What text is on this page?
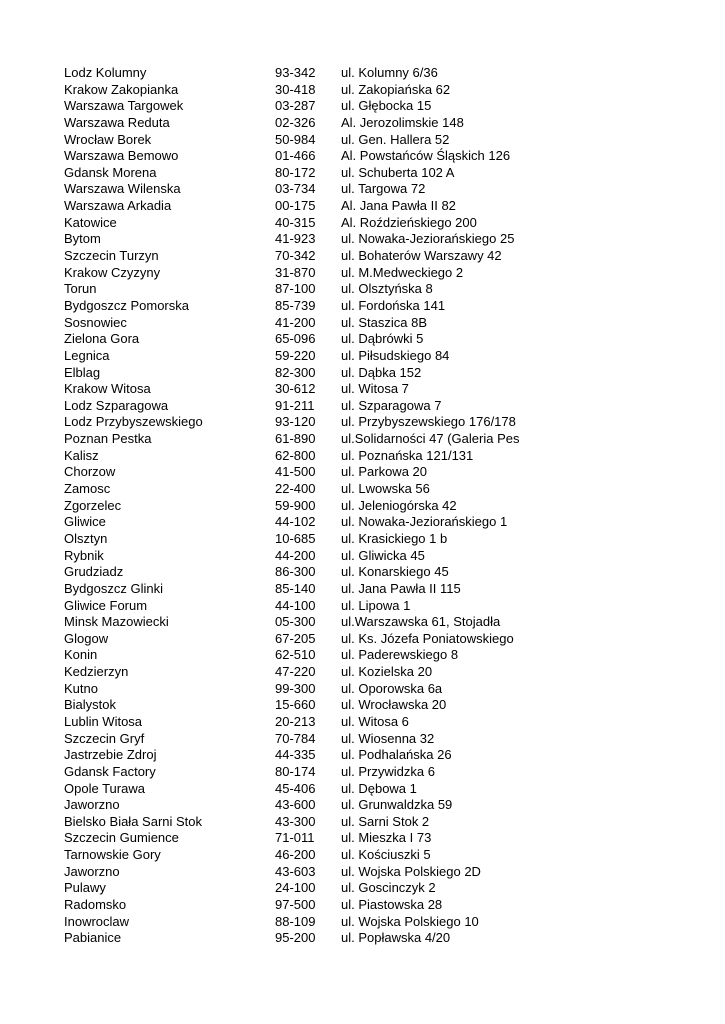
Lodz Kolumny	93-342	ul. Kolumny 6/36
Krakow Zakopianka	30-418	ul. Zakopiańska 62
Warszawa Targowek	03-287	ul. Głębocka 15
Warszawa Reduta	02-326	Al. Jerozolimskie 148
Wrocław Borek	50-984	ul. Gen. Hallera 52
Warszawa Bemowo	01-466	Al. Powstańców Śląskich 126
Gdansk Morena	80-172	ul. Schuberta 102 A
Warszawa Wilenska	03-734	ul. Targowa 72
Warszawa Arkadia	00-175	Al. Jana Pawła II 82
Katowice	40-315	Al. Roździeńskiego 200
Bytom	41-923	ul. Nowaka-Jeziorańskiego 25
Szczecin Turzyn	70-342	ul. Bohaterów Warszawy 42
Krakow Czyzyny	31-870	ul. M.Medweckiego 2
Torun	87-100	ul. Olsztyńska 8
Bydgoszcz Pomorska	85-739	ul. Fordońska 141
Sosnowiec	41-200	ul. Staszica 8B
Zielona Gora	65-096	ul. Dąbrówki 5
Legnica	59-220	ul. Piłsudskiego 84
Elblag	82-300	ul. Dąbka 152
Krakow Witosa	30-612	ul. Witosa 7
Lodz Szparagowa	91-211	ul. Szparagowa 7
Lodz Przybyszewskiego	93-120	ul. Przybyszewskiego 176/178
Poznan Pestka	61-890	ul.Solidarności 47 (Galeria Pes
Kalisz	62-800	ul. Poznańska 121/131
Chorzow	41-500	ul. Parkowa 20
Zamosc	22-400	ul. Lwowska 56
Zgorzelec	59-900	ul. Jeleniogórska 42
Gliwice	44-102	ul. Nowaka-Jeziorańskiego 1
Olsztyn	10-685	ul. Krasickiego 1 b
Rybnik	44-200	ul. Gliwicka 45
Grudziadz	86-300	ul. Konarskiego 45
Bydgoszcz Glinki	85-140	ul. Jana Pawła II 115
Gliwice Forum	44-100	ul. Lipowa 1
Minsk Mazowiecki	05-300	ul.Warszawska 61, Stojadła
Glogow	67-205	ul. Ks. Józefa Poniatowskiego
Konin	62-510	ul. Paderewskiego 8
Kedzierzyn	47-220	ul. Kozielska 20
Kutno	99-300	ul. Oporowska 6a
Bialystok	15-660	ul. Wrocławska 20
Lublin Witosa	20-213	ul. Witosa 6
Szczecin Gryf	70-784	ul. Wiosenna 32
Jastrzebie Zdroj	44-335	ul. Podhalańska 26
Gdansk Factory	80-174	ul. Przywidzka 6
Opole Turawa	45-406	ul. Dębowa 1
Jaworzno	43-600	ul. Grunwaldzka 59
Bielsko Biała Sarni Stok	43-300	ul. Sarni Stok 2
Szczecin Gumience	71-011	ul. Mieszka I 73
Tarnowskie Gory	46-200	ul. Kościuszki 5
Jaworzno	43-603	ul. Wojska Polskiego 2D
Pulawy	24-100	ul. Goscinczyk 2
Radomsko	97-500	ul. Piastowska 28
Inowroclaw	88-109	ul. Wojska Polskiego 10
Pabianice	95-200	ul. Popławska 4/20
